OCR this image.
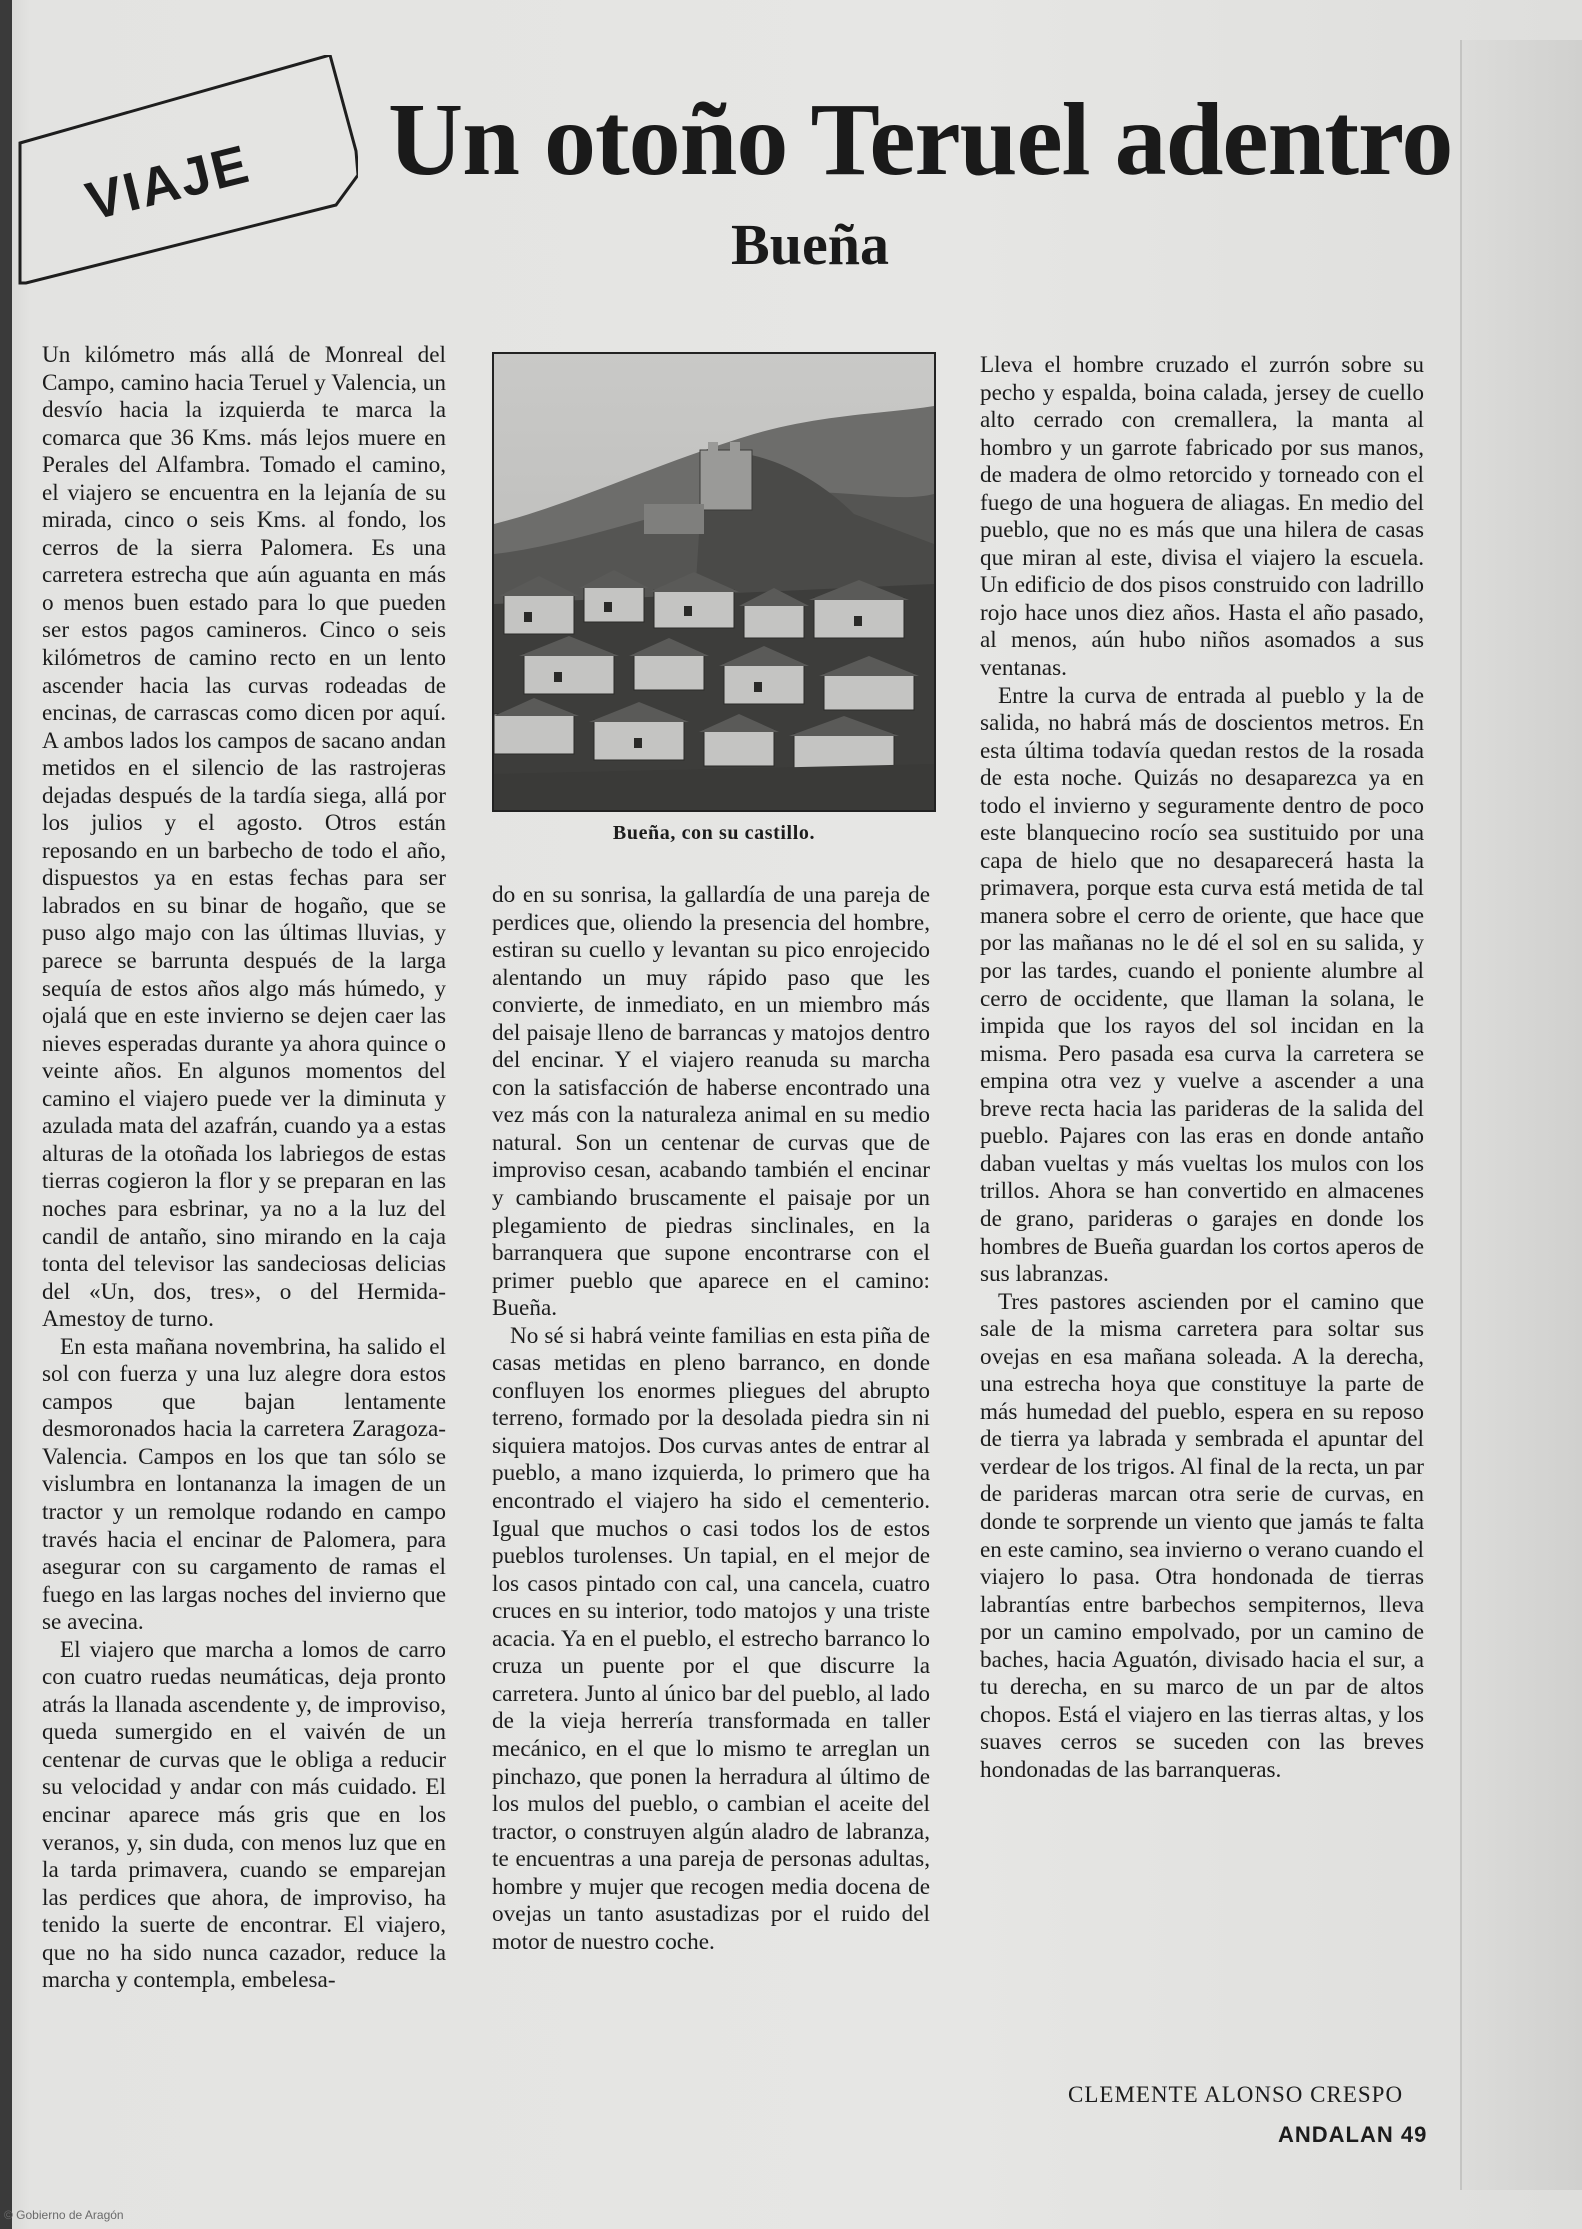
VIAJE Un otoño Teruel adentro
Bueña

Un kilómetro más allá de Monreal del Campo, camino hacia Teruel y Valencia, un desvío hacia la izquierda te marca la comarca que 36 Kms. más lejos muere en Perales del Alfambra. Tomado el camino, el viajero se encuentra en la lejanía de su mirada, cinco o seis Kms. al fondo, los cerros de la sierra Palomera. Es una carretera estrecha que aún aguanta en más o menos buen estado para lo que pueden ser estos pagos camineros. Cinco o seis kilómetros de camino recto en un lento ascender hacia las curvas rodeadas de encinas, de carrascas como dicen por aquí. A ambos lados los campos de sacano andan metidos en el silencio de las rastrojeras dejadas después de la tardía siega, allá por los julios y el agosto. Otros están reposando en un barbecho de todo el año, dispuestos ya en estas fechas para ser labrados en su binar de hogaño, que se puso algo majo con las últimas lluvias, y parece se barrunta después de la larga sequía de estos años algo más húmedo, y ojalá que en este invierno se dejen caer las nieves esperadas durante ya ahora quince o veinte años. En algunos momentos del camino el viajero puede ver la diminuta y azulada mata del azafrán, cuando ya a estas alturas de la otoñada los labriegos de estas tierras cogieron la flor y se preparan en las noches para esbrinar, ya no a la luz del candil de antaño, sino mirando en la caja tonta del televisor las sandeciosas delicias del «Un, dos, tres», o del Hermida-Amestoy de turno.

En esta mañana novembrina, ha salido el sol con fuerza y una luz alegre dora estos campos que bajan lentamente desmoronados hacia la carretera Zaragoza-Valencia. Campos en los que tan sólo se vislumbra en lontananza la imagen de un tractor y un remolque rodando en campo través hacia el encinar de Palomera, para asegurar con su cargamento de ramas el fuego en las largas noches del invierno que se avecina.

El viajero que marcha a lomos de carro con cuatro ruedas neumáticas, deja pronto atrás la llanada ascendente y, de improviso, queda sumergido en el vaivén de un centenar de curvas que le obliga a reducir su velocidad y andar con más cuidado. El encinar aparece más gris que en los veranos, y, sin duda, con menos luz que en la tarda primavera, cuando se emparejan las perdices que ahora, de improviso, ha tenido la suerte de encontrar. El viajero, que no ha sido nunca cazador, reduce la marcha y contempla, embelesa-

Bueña, con su castillo.

do en su sonrisa, la gallardía de una pareja de perdices que, oliendo la presencia del hombre, estiran su cuello y levantan su pico enrojecido alentando un muy rápido paso que les convierte, de inmediato, en un miembro más del paisaje lleno de barrancas y matojos dentro del encinar. Y el viajero reanuda su marcha con la satisfacción de haberse encontrado una vez más con la naturaleza animal en su medio natural. Son un centenar de curvas que de improviso cesan, acabando también el encinar y cambiando bruscamente el paisaje por un plegamiento de piedras sinclinales, en la barranquera que supone encontrarse con el primer pueblo que aparece en el camino: Bueña.

No sé si habrá veinte familias en esta piña de casas metidas en pleno barranco, en donde confluyen los enormes pliegues del abrupto terreno, formado por la desolada piedra sin ni siquiera matojos. Dos curvas antes de entrar al pueblo, a mano izquierda, lo primero que ha encontrado el viajero ha sido el cementerio. Igual que muchos o casi todos los de estos pueblos turolenses. Un tapial, en el mejor de los casos pintado con cal, una cancela, cuatro cruces en su interior, todo matojos y una triste acacia. Ya en el pueblo, el estrecho barranco lo cruza un puente por el que discurre la carretera. Junto al único bar del pueblo, al lado de la vieja herrería transformada en taller mecánico, en el que lo mismo te arreglan un pinchazo, que ponen la herradura al último de los mulos del pueblo, o cambian el aceite del tractor, o construyen algún aladro de labranza, te encuentras a una pareja de personas adultas, hombre y mujer que recogen media docena de ovejas un tanto asustadizas por el ruido del motor de nuestro coche.

Lleva el hombre cruzado el zurrón sobre su pecho y espalda, boina calada, jersey de cuello alto cerrado con cremallera, la manta al hombro y un garrote fabricado por sus manos, de madera de olmo retorcido y torneado con el fuego de una hoguera de aliagas. En medio del pueblo, que no es más que una hilera de casas que miran al este, divisa el viajero la escuela. Un edificio de dos pisos construido con ladrillo rojo hace unos diez años. Hasta el año pasado, al menos, aún hubo niños asomados a sus ventanas.

Entre la curva de entrada al pueblo y la de salida, no habrá más de doscientos metros. En esta última todavía quedan restos de la rosada de esta noche. Quizás no desaparezca ya en todo el invierno y seguramente dentro de poco este blanquecino rocío sea sustituido por una capa de hielo que no desaparecerá hasta la primavera, porque esta curva está metida de tal manera sobre el cerro de oriente, que hace que por las mañanas no le dé el sol en su salida, y por las tardes, cuando el poniente alumbre al cerro de occidente, que llaman la solana, le impida que los rayos del sol incidan en la misma. Pero pasada esa curva la carretera se empina otra vez y vuelve a ascender a una breve recta hacia las parideras de la salida del pueblo. Pajares con las eras en donde antaño daban vueltas y más vueltas los mulos con los trillos. Ahora se han convertido en almacenes de grano, parideras o garajes en donde los hombres de Bueña guardan los cortos aperos de sus labranzas.

Tres pastores ascienden por el camino que sale de la misma carretera para soltar sus ovejas en esa mañana soleada. A la derecha, una estrecha hoya que constituye la parte de más humedad del pueblo, espera en su reposo de tierra ya labrada y sembrada el apuntar del verdear de los trigos. Al final de la recta, un par de parideras marcan otra serie de curvas, en donde te sorprende un viento que jamás te falta en este camino, sea invierno o verano cuando el viajero lo pasa. Otra hondonada de tierras labrantías entre barbechos sempiternos, lleva por un camino empolvado, por un camino de baches, hacia Aguatón, divisado hacia el sur, a tu derecha, en su marco de un par de altos chopos. Está el viajero en las tierras altas, y los suaves cerros se suceden con las breves hondonadas de las barranqueras.

CLEMENTE ALONSO CRESPO
ANDALAN 49
© Gobierno de Aragón
